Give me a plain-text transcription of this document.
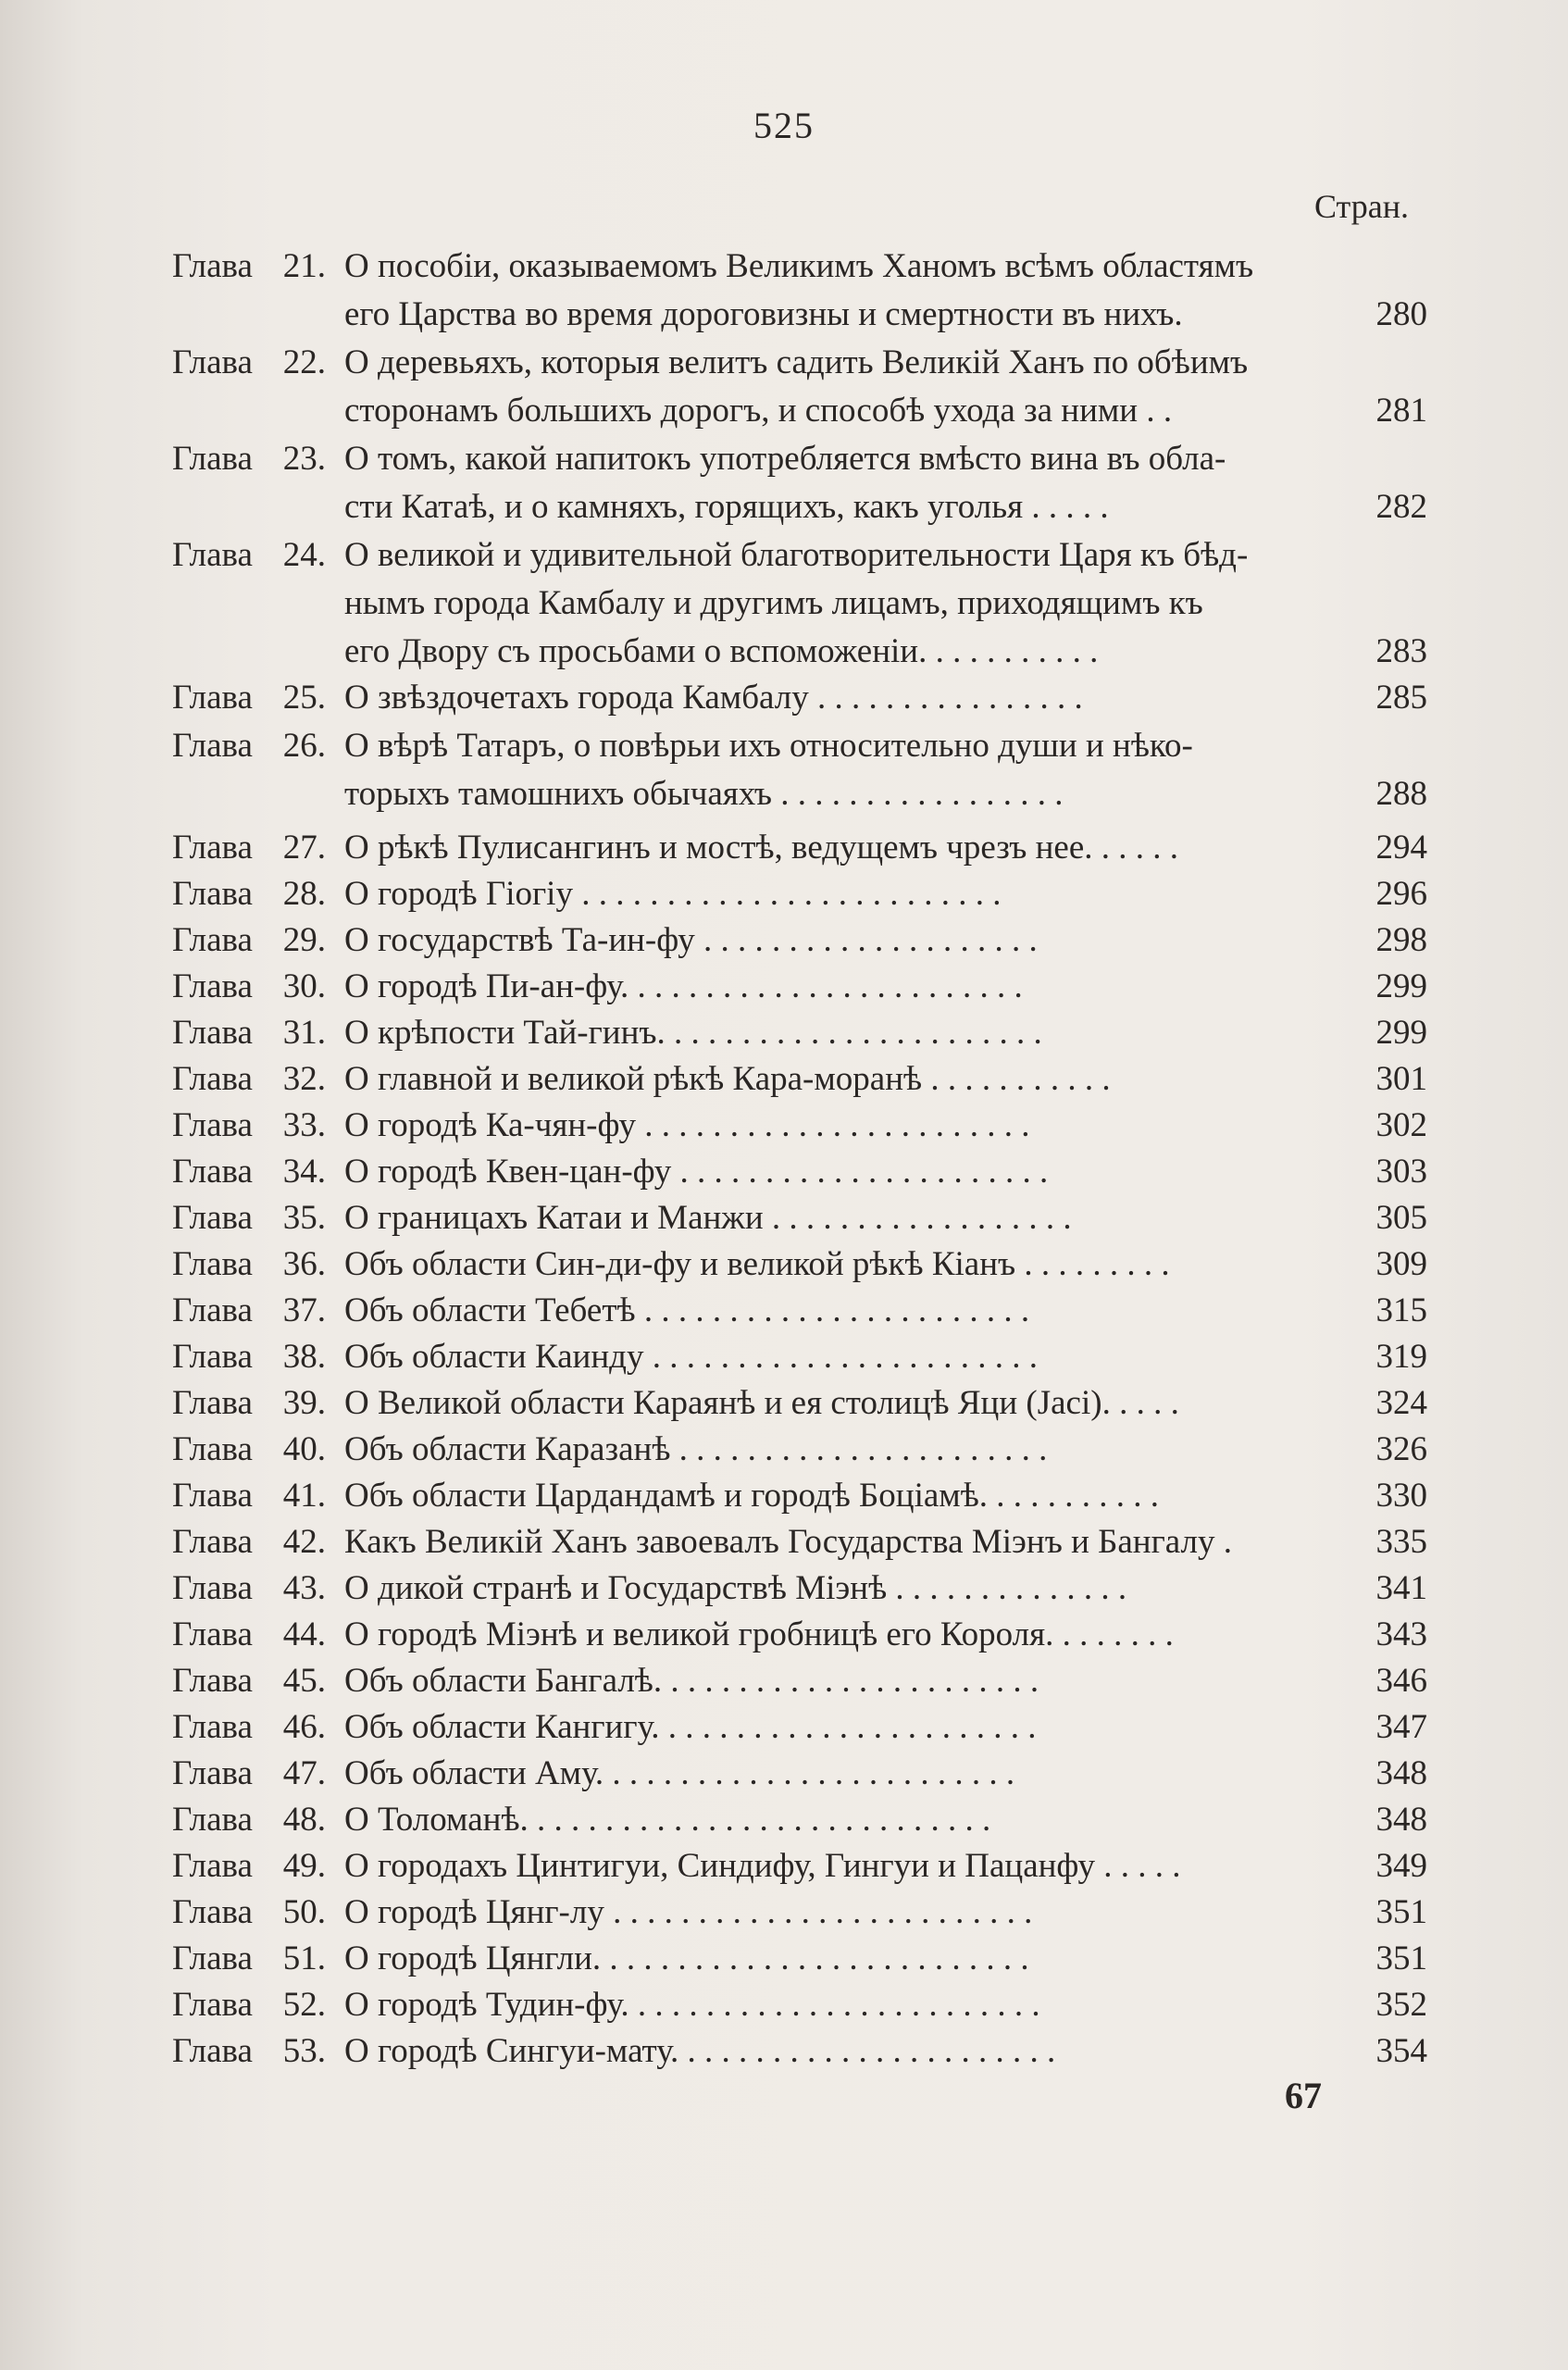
525
Стран.
Глава 21. О пособіи, оказываемомъ Великимъ Ханомъ всѣмъ областямъ
его Царства во время дороговизны и смертности въ нихъ.	280
Глава 22. О деревьяхъ, которыя велитъ садить Великій Ханъ по обѣимъ
сторонамъ большихъ дорогъ, и способѣ ухода за ними . .	281
Глава 23. О томъ, какой напитокъ употребляется вмѣсто вина въ обла-
сти Катаѣ, и о камняхъ, горящихъ, какъ уголья . . . . .	282
Глава 24. О великой и удивительной благотворительности Царя къ бѣд-
нымъ города Камбалу и другимъ лицамъ, приходящимъ къ
его Двору съ просьбами о вспоможеніи. . . . . . . . . . .	283
Глава 25. О звѣздочетахъ города Камбалу . . . . . . . . . . . . . . . .	285
Глава 26. О вѣрѣ Татаръ, о повѣрьи ихъ относительно души и нѣко-
торыхъ тамошнихъ обычаяхъ . . . . . . . . . . . . . . . . .	288
Глава 27. О рѣкѣ Пулисангинъ и мостѣ, ведущемъ чрезъ нее. . . . . .	294
Глава 28. О городѣ Гіогіу . . . . . . . . . . . . . . . . . . . . . . . . .	296
Глава 29. О государствѣ Та-ин-фу . . . . . . . . . . . . . . . . . . . .	298
Глава 30. О городѣ Пи-ан-фу. . . . . . . . . . . . . . . . . . . . . . . .	299
Глава 31. О крѣпости Тай-гинъ. . . . . . . . . . . . . . . . . . . . . . .	299
Глава 32. О главной и великой рѣкѣ Кара-моранѣ . . . . . . . . . . .	301
Глава 33. О городѣ Ка-чян-фу . . . . . . . . . . . . . . . . . . . . . . .	302
Глава 34. О городѣ Квен-цан-фу . . . . . . . . . . . . . . . . . . . . . .	303
Глава 35. О границахъ Катаи и Манжи . . . . . . . . . . . . . . . . . .	305
Глава 36. Объ области Син-ди-фу и великой рѣкѣ Кіанъ . . . . . . . . .	309
Глава 37. Объ области Тебетѣ . . . . . . . . . . . . . . . . . . . . . . .	315
Глава 38. Объ области Каинду . . . . . . . . . . . . . . . . . . . . . . .	319
Глава 39. О Великой области Караянѣ и ея столицѣ Яци (Jaci). . . . .	324
Глава 40. Объ области Каразанѣ . . . . . . . . . . . . . . . . . . . . . .	326
Глава 41. Объ области Цардандамѣ и городѣ Боціамѣ. . . . . . . . . . .	330
Глава 42. Какъ Великій Ханъ завоевалъ Государства Міэнъ и Бангалу .	335
Глава 43. О дикой странѣ и Государствѣ Міэнѣ . . . . . . . . . . . . . .	341
Глава 44. О городѣ Міэнѣ и великой гробницѣ его Короля. . . . . . . .	343
Глава 45. Объ области Бангалѣ. . . . . . . . . . . . . . . . . . . . . . .	346
Глава 46. Объ области Кангигу. . . . . . . . . . . . . . . . . . . . . . .	347
Глава 47. Объ области Аму. . . . . . . . . . . . . . . . . . . . . . . . .	348
Глава 48. О Толоманѣ. . . . . . . . . . . . . . . . . . . . . . . . . . . .	348
Глава 49. О городахъ Цинтигуи, Синдифу, Гингуи и Пацанфу . . . . .	349
Глава 50. О городѣ Цянг-лу . . . . . . . . . . . . . . . . . . . . . . . . .	351
Глава 51. О городѣ Цянгли. . . . . . . . . . . . . . . . . . . . . . . . . .	351
Глава 52. О городѣ Тудин-фу. . . . . . . . . . . . . . . . . . . . . . . . .	352
Глава 53. О городѣ Сингуи-мату. . . . . . . . . . . . . . . . . . . . . . .	354
67
